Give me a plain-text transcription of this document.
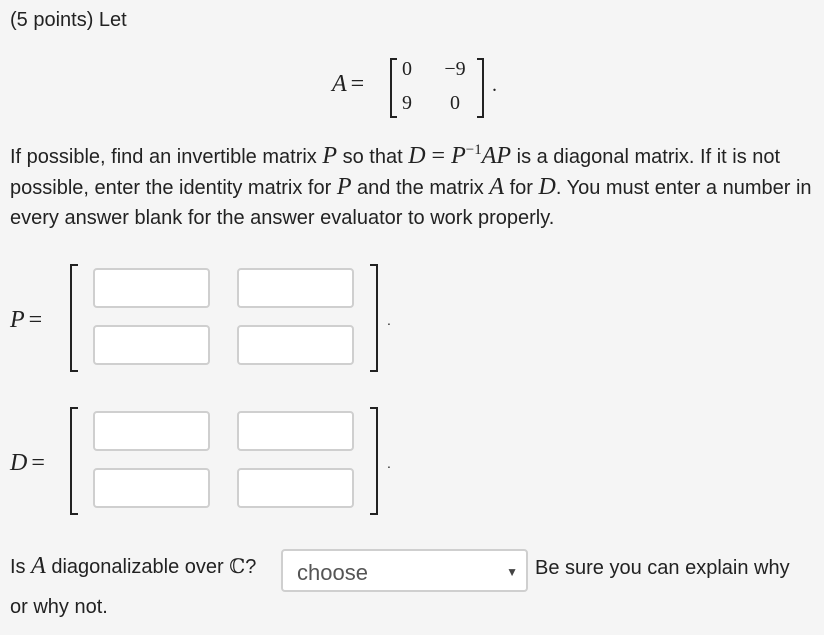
(5 points) Let
A =
0	−9
9	0
.
If possible, find an invertible matrix P so that $D = P^{-1}AP$ is a diagonal matrix. If it is not possible, enter the identity matrix for P and the matrix A for D. You must enter a number in every answer blank for the answer evaluator to work properly.
P =	.
D =	.
Is A diagonalizable over ℂ? choose	▼ Be sure you can explain why
or why not.
